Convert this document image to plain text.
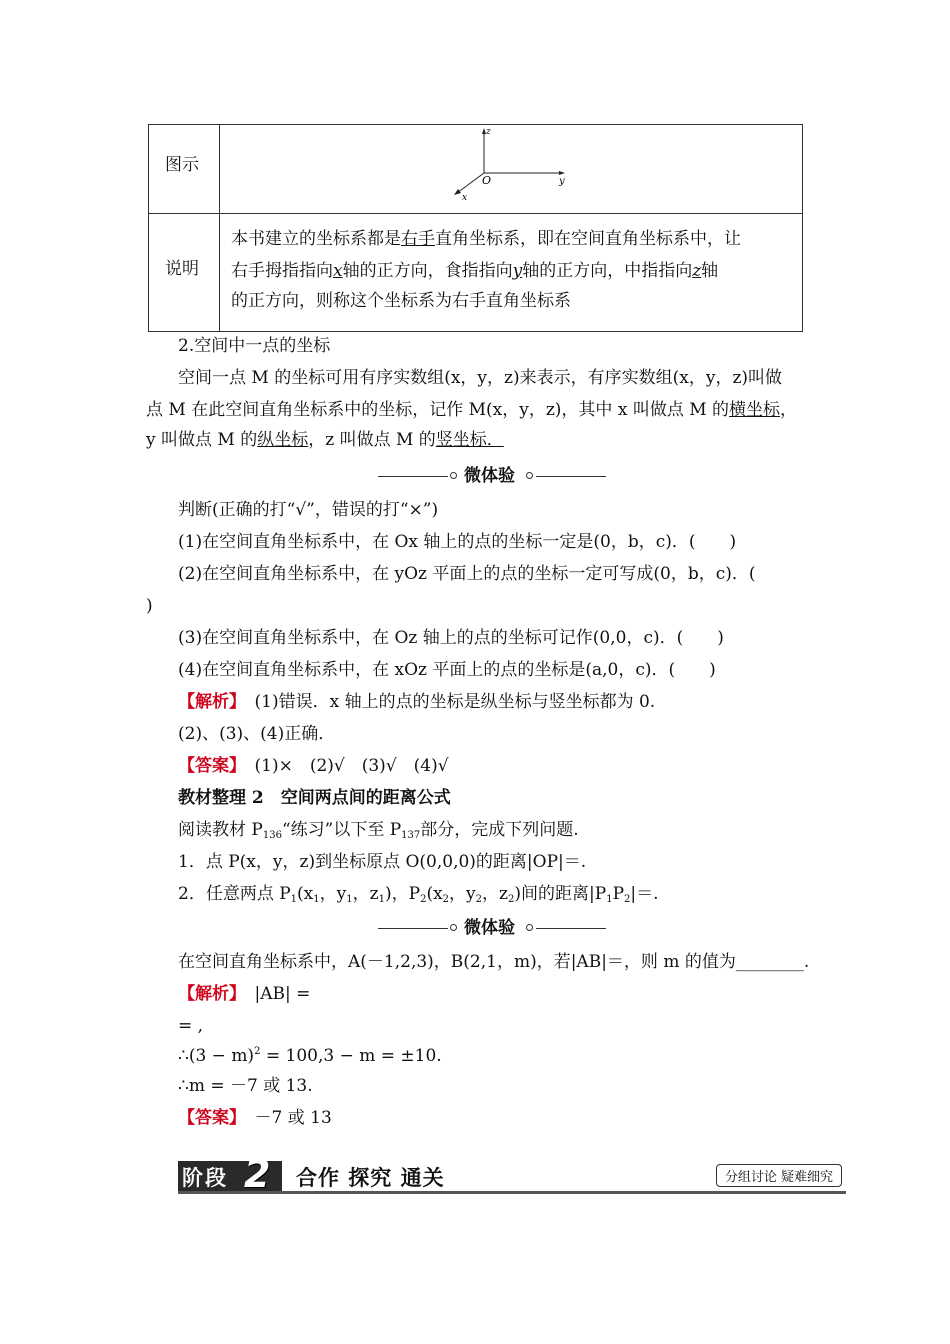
图示
说明
z
y
x
O
本书建立的坐标系都是右手直角坐标系，即在空间直角坐标系中，让
右手拇指指向x轴的正方向，食指指向y轴的正方向，中指指向z轴
的正方向，则称这个坐标系为右手直角坐标系
2.空间中一点的坐标
空间一点 M 的坐标可用有序实数组(x，y，z)来表示，有序实数组(x，y，z)叫做
点 M 在此空间直角坐标系中的坐标，记作 M(x，y，z)，其中 x 叫做点 M 的横坐标，
y 叫做点 M 的纵坐标，z 叫做点 M 的竖坐标．
微体验
判断(正确的打“√”，错误的打“×”)
(1)在空间直角坐标系中，在 Ox 轴上的点的坐标一定是(0，b，c)．(　　)
(2)在空间直角坐标系中，在 yOz 平面上的点的坐标一定可写成(0，b，c)．(
)
(3)在空间直角坐标系中，在 Oz 轴上的点的坐标可记作(0,0，c)．(　　)
(4)在空间直角坐标系中，在 xOz 平面上的点的坐标是(a,0，c)．(　　)
【解析】　 (1)错误．x 轴上的点的坐标是纵坐标与竖坐标都为 0.
(2)、(3)、(4)正确．
【答案】　 (1)×　(2)√　(3)√　(4)√
教材整理 2　空间两点间的距离公式
阅读教材 $P_{136}“$练习”以下至 $P_{137}$部分，完成下列问题.
1．点 P(x，y，z)到坐标原点 O(0,0,0)的距离|OP|＝.
2．任意两点 $P_1(x_1$，$y_1$，$z_1$)，$P_2(x_2$，$y_2$，$z_2$)间的距离$|P_1P_2|=$.
微体验
在空间直角坐标系中，A(－1,2,3)，B(2,1，m)，若|AB|＝，则 m 的值为________.
【解析】　 |AB| =
= ,
∴(3 − m)$^2$ = 100,3 − m = ±10.
∴m = －7 或 13.
【答案】　 －7 或 13
阶段 2 合作 探究 通关	分组讨论 疑难细究
